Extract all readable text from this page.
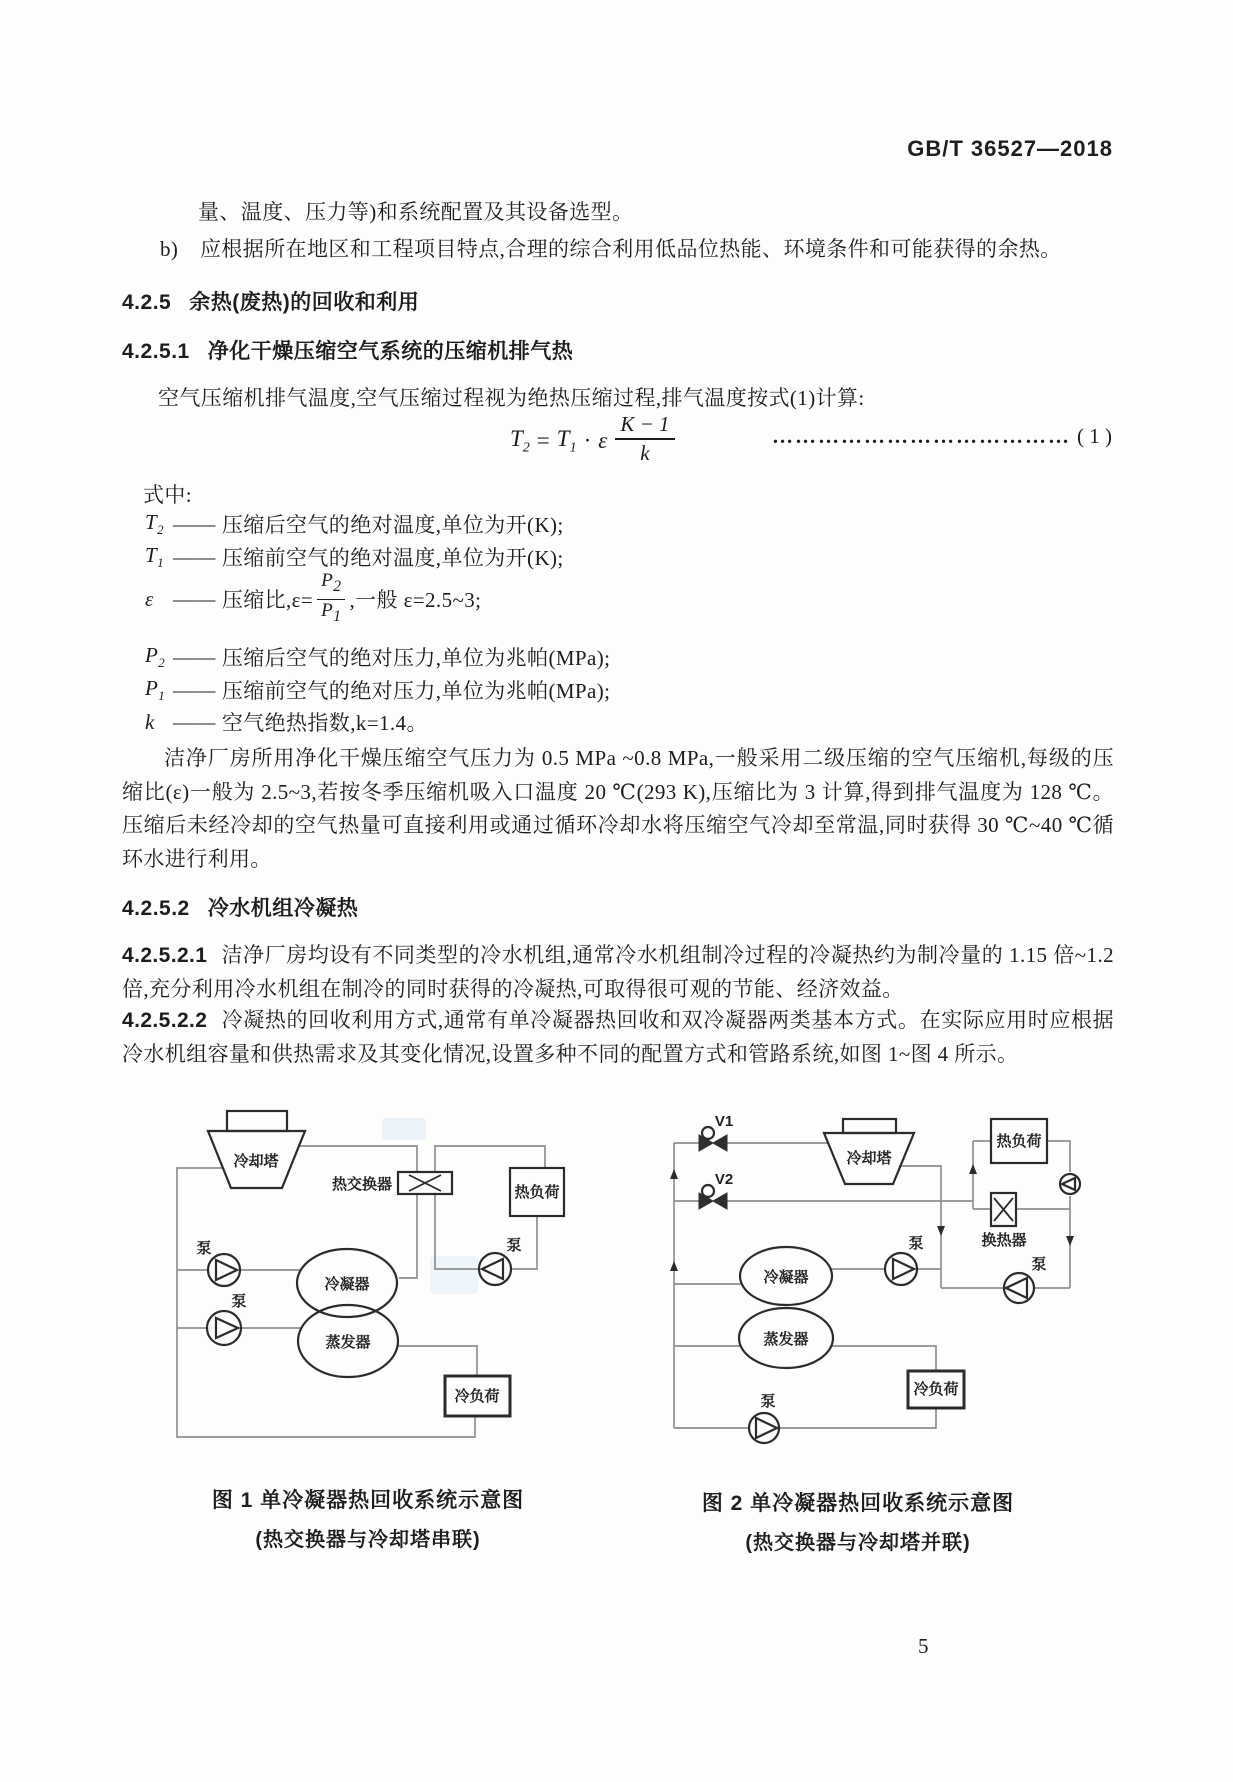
GB/T 36527—2018
量、温度、压力等)和系统配置及其设备选型。
b) 应根据所在地区和工程项目特点,合理的综合利用低品位热能、环境条件和可能获得的余热。
4.2.5 余热(废热)的回收和利用
4.2.5.1 净化干燥压缩空气系统的压缩机排气热
空气压缩机排气温度,空气压缩过程视为绝热压缩过程,排气温度按式(1)计算:
$T_2 = T_1 \cdot \varepsilon \frac{K - 1}{k}$	………………………………… ( 1 )
式中:
$T_2$ —— 压缩后空气的绝对温度,单位为开(K);
$T_1$ —— 压缩前空气的绝对温度,单位为开(K);
ε —— 压缩比$,\varepsilon= \frac{P_2}{P_1}$ ,一般 ε=2.5~3;
$P_2$ —— 压缩后空气的绝对压力,单位为兆帕(MPa);
$P_1$ —— 压缩前空气的绝对压力,单位为兆帕(MPa);
k —— 空气绝热指数,k=1.4。
洁净厂房所用净化干燥压缩空气压力为 0.5 MPa ~0.8 MPa,一般采用二级压缩的空气压缩机,每级的压缩比(ε)一般为 2.5~3,若按冬季压缩机吸入口温度 20 ℃(293 K),压缩比为 3 计算,得到排气温度为 128 ℃。压缩后未经冷却的空气热量可直接利用或通过循环冷却水将压缩空气冷却至常温,同时获得 30 ℃~40 ℃循环水进行利用。
4.2.5.2 冷水机组冷凝热
4.2.5.2.1 洁净厂房均设有不同类型的冷水机组,通常冷水机组制冷过程的冷凝热约为制冷量的 1.15 倍~1.2 倍,充分利用冷水机组在制冷的同时获得的冷凝热,可取得很可观的节能、经济效益。
4.2.5.2.2 冷凝热的回收利用方式,通常有单冷凝器热回收和双冷凝器两类基本方式。在实际应用时应根据冷水机组容量和供热需求及其变化情况,设置多种不同的配置方式和管路系统,如图 1~图 4 所示。
冷却塔
热交换器	热负荷
泵
泵
泵
冷凝器
蒸发器
冷负荷
图 1 单冷凝器热回收系统示意图
(热交换器与冷却塔串联)
V1
V2
冷却塔
热负荷
换热器
泵
泵
泵
冷凝器
蒸发器
冷负荷
图 2 单冷凝器热回收系统示意图
(热交换器与冷却塔并联)
5
